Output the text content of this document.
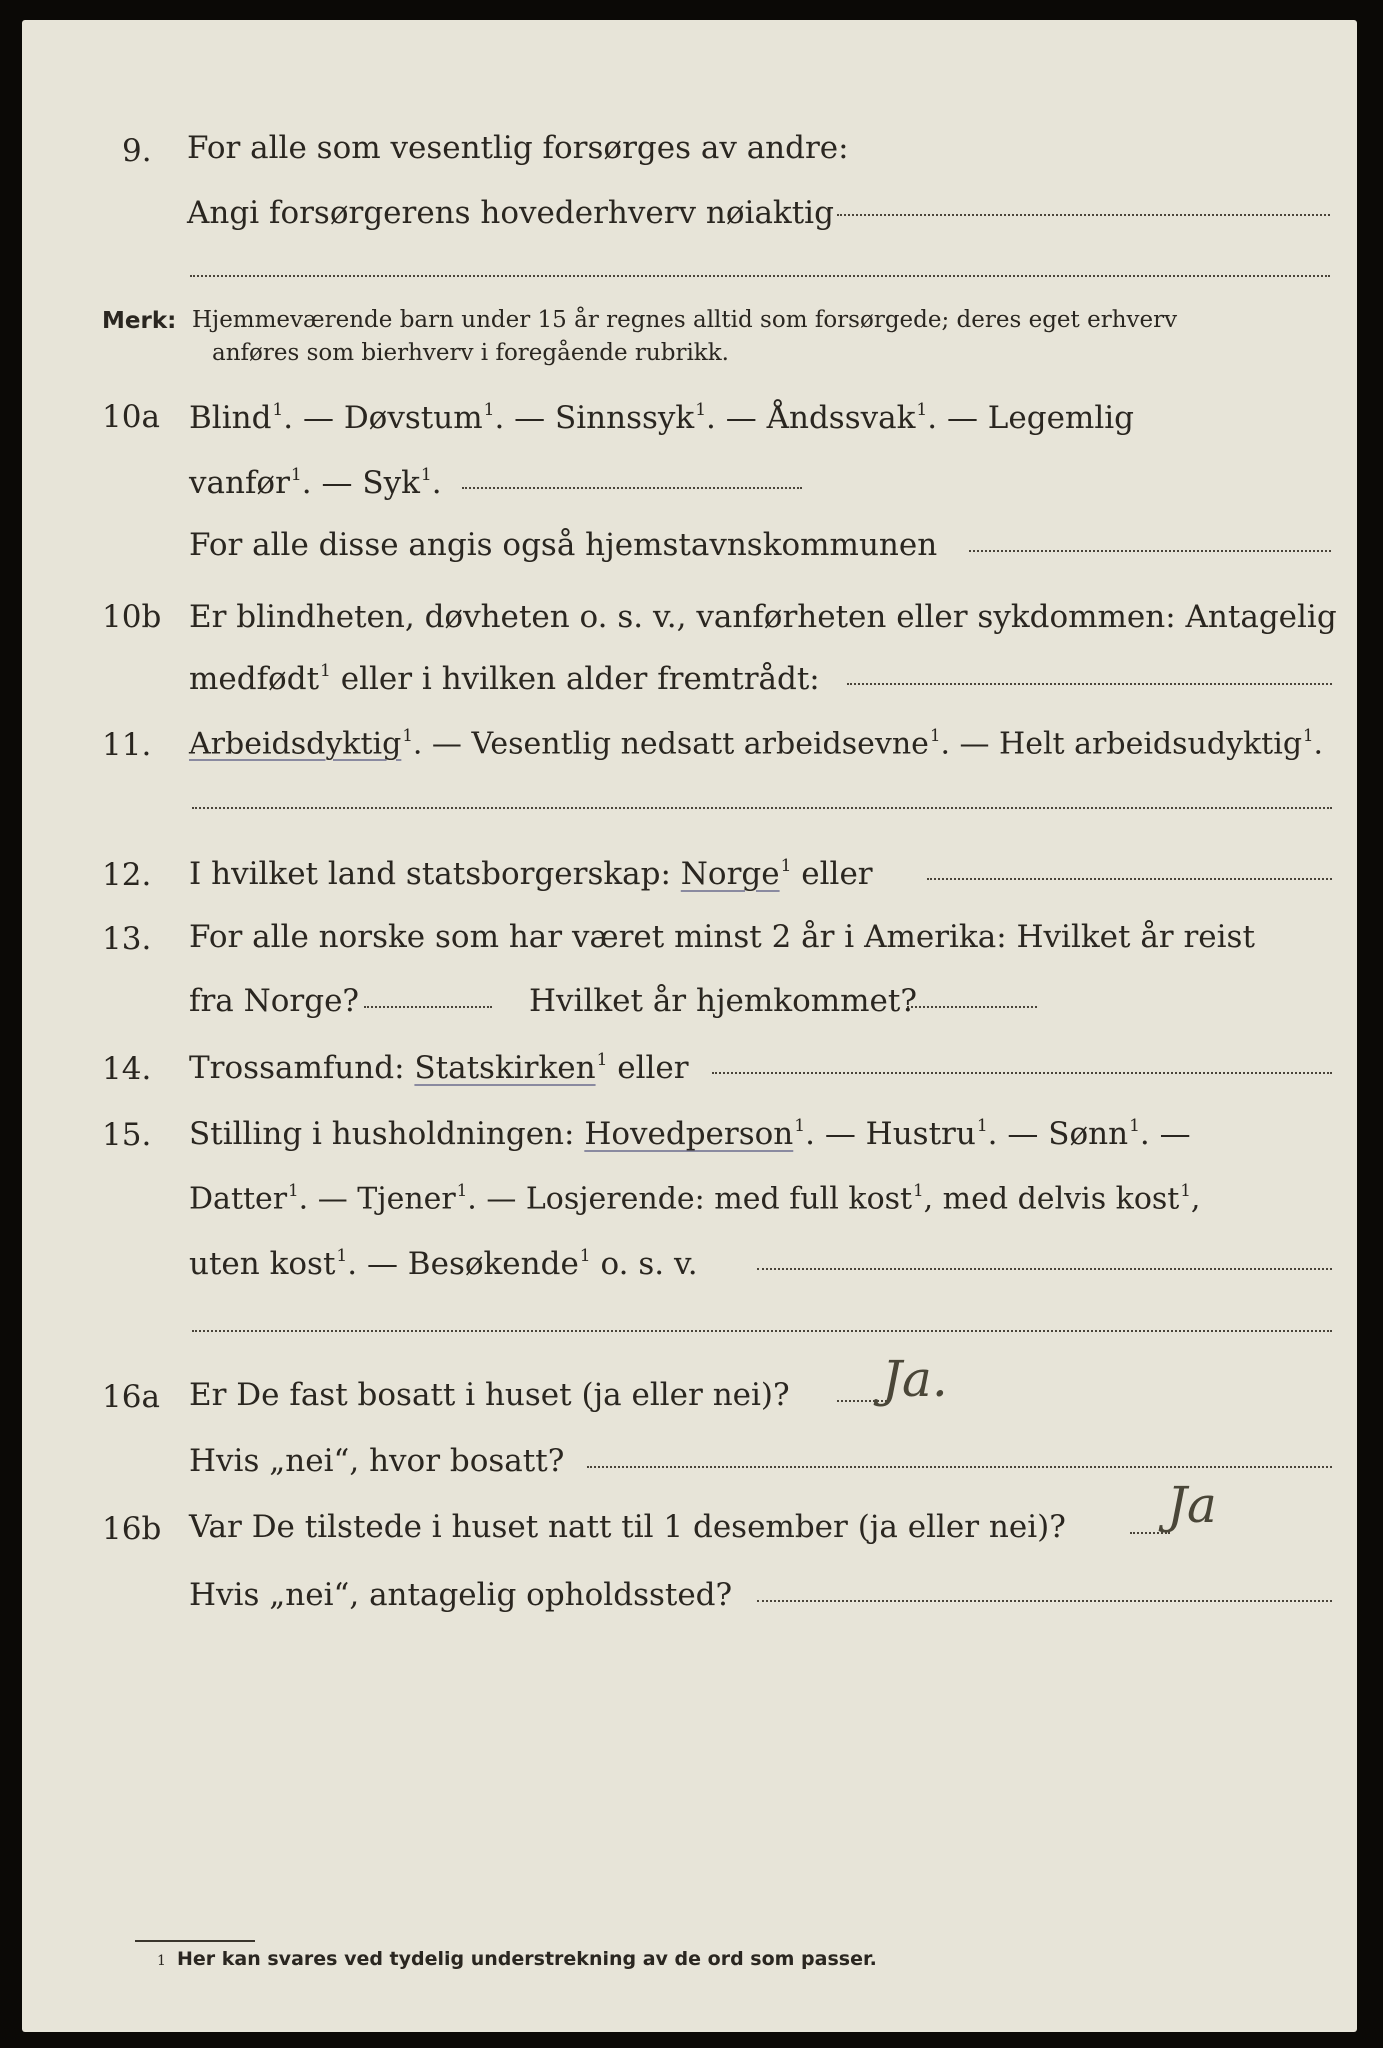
9. For alle som vesentlig forsørges av andre:
Angi forsørgerens hovederhverv nøiaktig
Merk: Hjemmeværende barn under 15 år regnes alltid som forsørgede; deres eget erhverv
anføres som bierhverv i foregående rubrikk.
10a Blind$^1$. — Døvstum$^1$. — Sinnssyk$^1$. — Åndssvak$^1$. — Legemlig
vanfør$^1$. — Syk$^1$.
For alle disse angis også hjemstavnskommunen
10b Er blindheten, døvheten o. s. v., vanførheten eller sykdommen: Antagelig
medfødt$^1$ eller i hvilken alder fremtrådt:
11. Arbeidsdyktig$^1$. — Vesentlig nedsatt arbeidsevne$^1$. — Helt arbeidsudyktig$^1$.
12. I hvilket land statsborgerskap: Norge$^1$ eller
13. For alle norske som har været minst 2 år i Amerika: Hvilket år reist
fra Norge?	Hvilket år hjemkommet?
14. Trossamfund: Statskirken$^1$ eller
15. Stilling i husholdningen: Hovedperson$^1$. — Hustru$^1$. — Sønn$^1$. —
Datter$^1$. — Tjener$^1$. — Losjerende: med full kost$^1$, med delvis kost$^1$,
uten kost$^1$. — Besøkende$^1$ o. s. v.
16a Er De fast bosatt i huset (ja eller nei)? Ja.
Hvis „nei“, hvor bosatt?
16b Var De tilstede i huset natt til 1 desember (ja eller nei)? Ja
Hvis „nei“, antagelig opholdssted?
1 Her kan svares ved tydelig understrekning av de ord som passer.
